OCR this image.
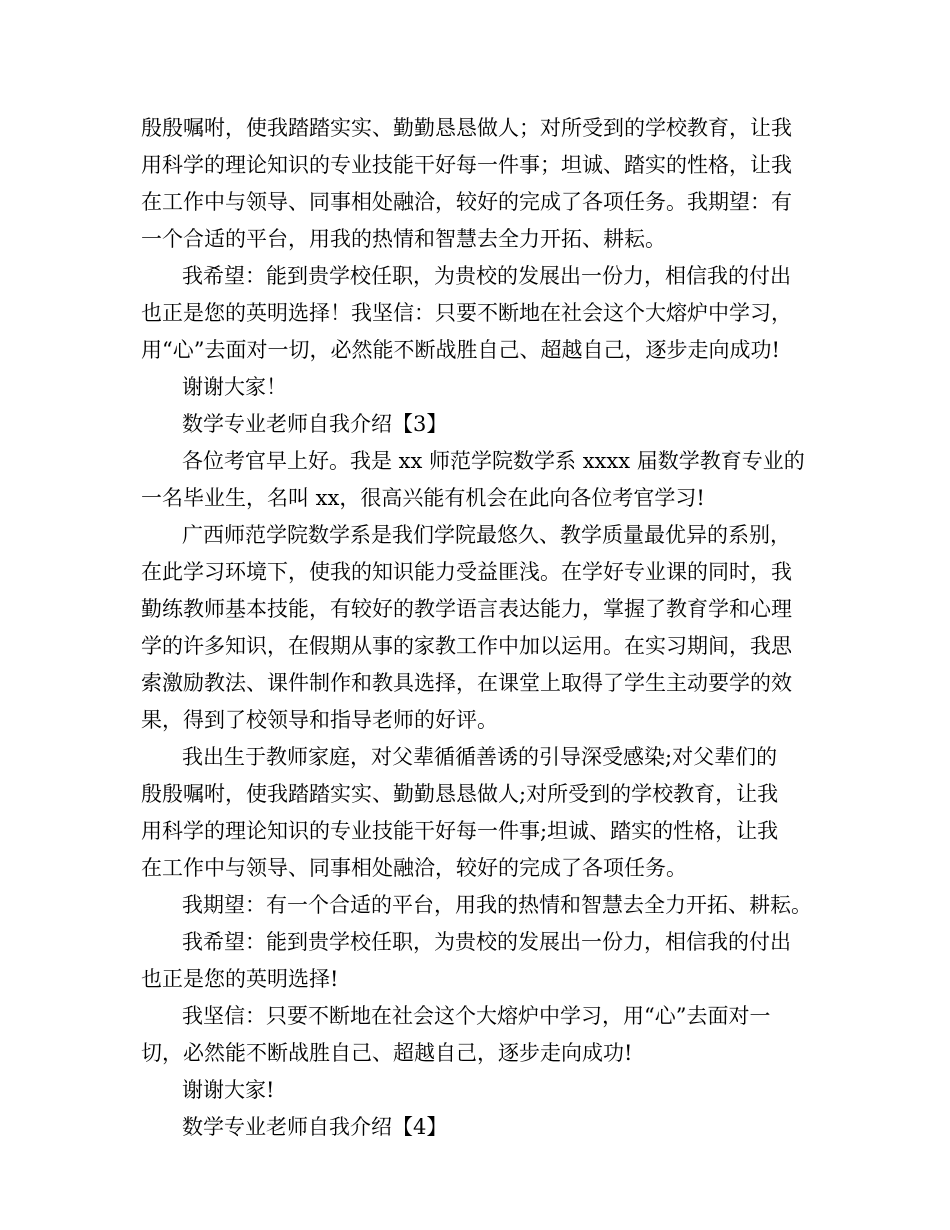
殷殷嘱咐，使我踏踏实实、勤勤恳恳做人；对所受到的学校教育，让我
用科学的理论知识的专业技能干好每一件事；坦诚、踏实的性格，让我
在工作中与领导、同事相处融洽，较好的完成了各项任务。我期望：有
一个合适的平台，用我的热情和智慧去全力开拓、耕耘。
我希望：能到贵学校任职，为贵校的发展出一份力，相信我的付出
也正是您的英明选择！我坚信：只要不断地在社会这个大熔炉中学习，
用“心”去面对一切，必然能不断战胜自己、超越自己，逐步走向成功!
谢谢大家！
数学专业老师自我介绍【3】
各位考官早上好。我是 xx 师范学院数学系 xxxx 届数学教育专业的
一名毕业生，名叫 xx，很高兴能有机会在此向各位考官学习!
广西师范学院数学系是我们学院最悠久、教学质量最优异的系别，
在此学习环境下，使我的知识能力受益匪浅。在学好专业课的同时，我
勤练教师基本技能，有较好的教学语言表达能力，掌握了教育学和心理
学的许多知识，在假期从事的家教工作中加以运用。在实习期间，我思
索激励教法、课件制作和教具选择，在课堂上取得了学生主动要学的效
果，得到了校领导和指导老师的好评。
我出生于教师家庭，对父辈循循善诱的引导深受感染;对父辈们的
殷殷嘱咐，使我踏踏实实、勤勤恳恳做人;对所受到的学校教育，让我
用科学的理论知识的专业技能干好每一件事;坦诚、踏实的性格，让我
在工作中与领导、同事相处融洽，较好的完成了各项任务。
我期望：有一个合适的平台，用我的热情和智慧去全力开拓、耕耘。
我希望：能到贵学校任职，为贵校的发展出一份力，相信我的付出
也正是您的英明选择!
我坚信：只要不断地在社会这个大熔炉中学习，用“心”去面对一
切，必然能不断战胜自己、超越自己，逐步走向成功!
谢谢大家!
数学专业老师自我介绍【4】
